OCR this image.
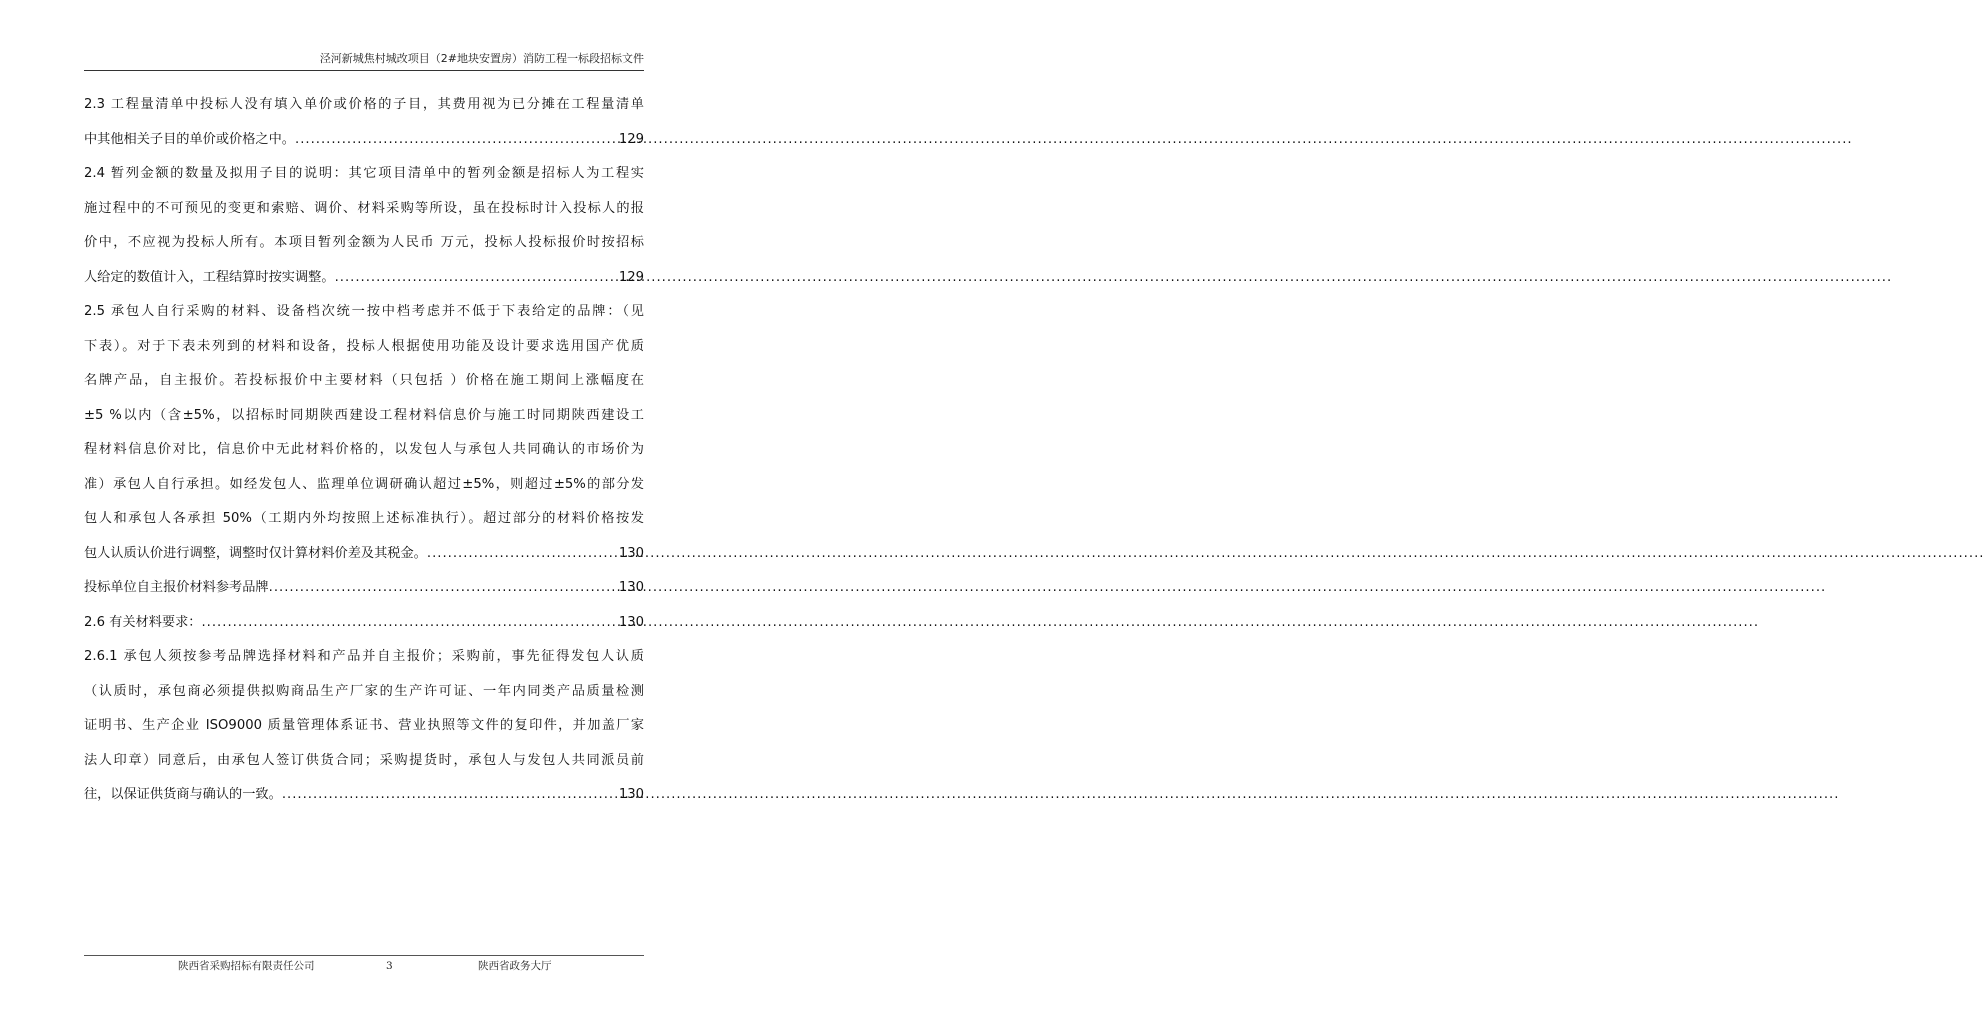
泾河新城焦村城改项目（2#地块安置房）消防工程一标段招标文件
2.3 工程量清单中投标人没有填入单价或价格的子目，其费用视为已分摊在工程量清单
中其他相关子目的单价或价格之中。 .....	129
2.4 暂列金额的数量及拟用子目的说明：其它项目清单中的暂列金额是招标人为工程实
施过程中的不可预见的变更和索赔、调价、材料采购等所设，虽在投标时计入投标人的报
价中，不应视为投标人所有。本项目暂列金额为人民币 万元，投标人投标报价时按招标
人给定的数值计入，工程结算时按实调整。 .....	129
2.5 承包人自行采购的材料、设备档次统一按中档考虑并不低于下表给定的品牌：（见
下表）。对于下表未列到的材料和设备，投标人根据使用功能及设计要求选用国产优质
名牌产品，自主报价。若投标报价中主要材料（只包括 ）价格在施工期间上涨幅度在
±5 %以内（含±5%，以招标时同期陕西建设工程材料信息价与施工时同期陕西建设工
程材料信息价对比，信息价中无此材料价格的，以发包人与承包人共同确认的市场价为
准）承包人自行承担。如经发包人、监理单位调研确认超过±5%，则超过±5%的部分发
包人和承包人各承担 50%（工期内外均按照上述标准执行）。超过部分的材料价格按发
包人认质认价进行调整，调整时仅计算材料价差及其税金。 .....	130
投标单位自主报价材料参考品牌 .....	130
2.6 有关材料要求： .....	130
2.6.1 承包人须按参考品牌选择材料和产品并自主报价；采购前，事先征得发包人认质
（认质时，承包商必须提供拟购商品生产厂家的生产许可证、一年内同类产品质量检测
证明书、生产企业 ISO9000 质量管理体系证书、营业执照等文件的复印件，并加盖厂家
法人印章）同意后，由承包人签订供货合同；采购提货时，承包人与发包人共同派员前
往，以保证供货商与确认的一致。 .....	130
陕西省采购招标有限责任公司	3	陕西省政务大厅
